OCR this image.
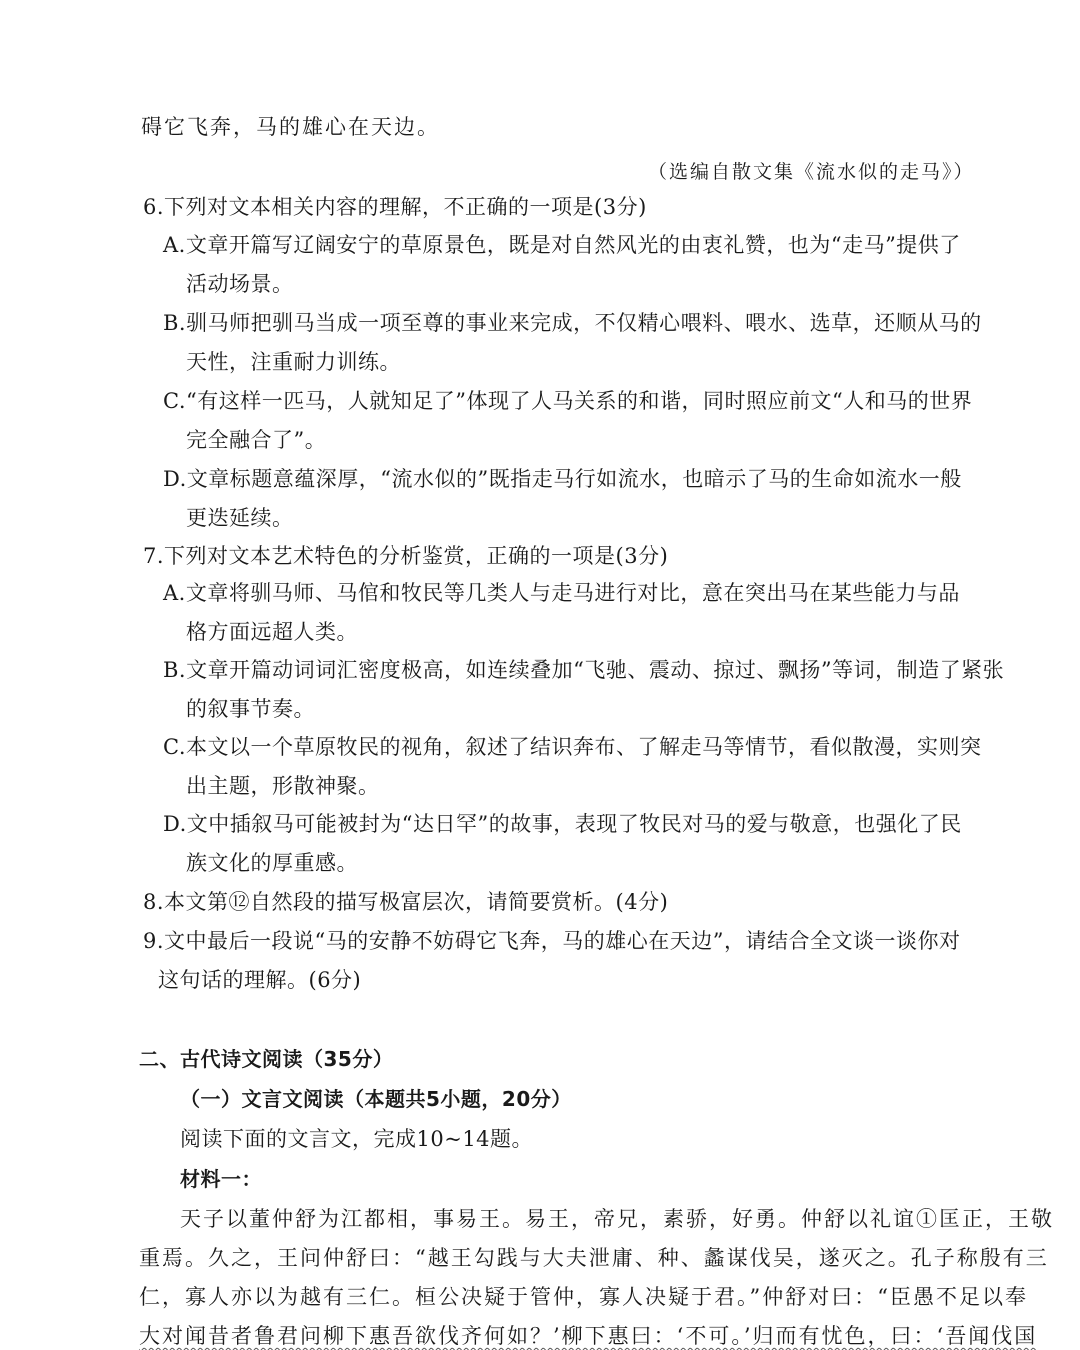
碍它飞奔，马的雄心在天边。
（选编自散文集《流水似的走马》）
6.下列对文本相关内容的理解，不正确的一项是(3分)
A.文章开篇写辽阔安宁的草原景色，既是对自然风光的由衷礼赞，也为“走马”提供了
活动场景。
B.驯马师把驯马当成一项至尊的事业来完成，不仅精心喂料、喂水、选草，还顺从马的
天性，注重耐力训练。
C.“有这样一匹马，人就知足了”体现了人马关系的和谐，同时照应前文“人和马的世界
完全融合了”。
D.文章标题意蕴深厚，“流水似的”既指走马行如流水，也暗示了马的生命如流水一般
更迭延续。
7.下列对文本艺术特色的分析鉴赏，正确的一项是(3分)
A.文章将驯马师、马倌和牧民等几类人与走马进行对比，意在突出马在某些能力与品
格方面远超人类。
B.文章开篇动词词汇密度极高，如连续叠加“飞驰、震动、掠过、飘扬”等词，制造了紧张
的叙事节奏。
C.本文以一个草原牧民的视角，叙述了结识奔布、了解走马等情节，看似散漫，实则突
出主题，形散神聚。
D.文中插叙马可能被封为“达日罕”的故事，表现了牧民对马的爱与敬意，也强化了民
族文化的厚重感。
8.本文第⑫自然段的描写极富层次，请简要赏析。(4分)
9.文中最后一段说“马的安静不妨碍它飞奔，马的雄心在天边”，请结合全文谈一谈你对
这句话的理解。(6分)
二、古代诗文阅读（35分）
（一）文言文阅读（本题共5小题，20分）
阅读下面的文言文，完成10~14题。
材料一：
天子以董仲舒为江都相，事易王。易王，帝兄，素骄，好勇。仲舒以礼谊①匡正，王敬
重焉。久之，王问仲舒曰：“越王勾践与大夫泄庸、种、蠡谋伐吴，遂灭之。孔子称殷有三
仁，寡人亦以为越有三仁。桓公决疑于管仲，寡人决疑于君。”仲舒对曰：“臣愚不足以奉
大对闻昔者鲁君问柳下惠吾欲伐齐何如？’柳下惠曰：‘不可。’归而有忧色，曰：‘吾闻伐国
